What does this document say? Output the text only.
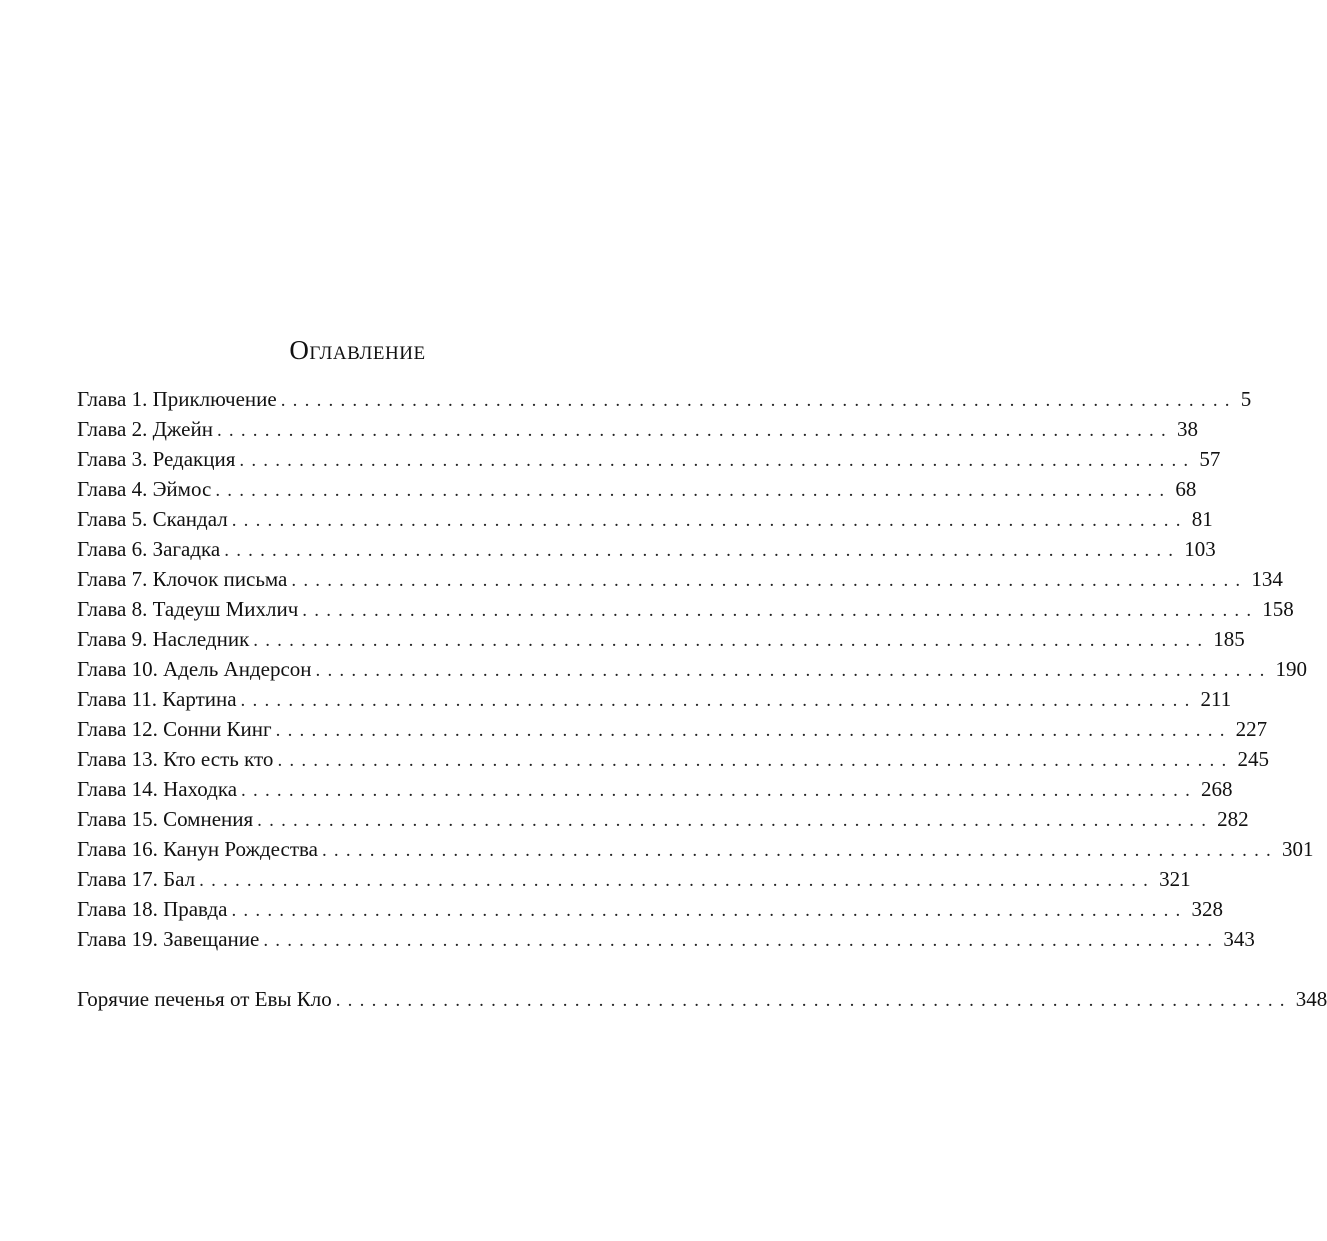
Оглавление
Глава 1. Приключение ................................................................................ 5
Глава 2. Джейн ................................................................................ 38
Глава 3. Редакция ................................................................................ 57
Глава 4. Эймос ................................................................................ 68
Глава 5. Скандал ................................................................................ 81
Глава 6. Загадка ................................................................................ 103
Глава 7. Клочок письма ................................................................................ 134
Глава 8. Тадеуш Михлич ................................................................................ 158
Глава 9. Наследник ................................................................................ 185
Глава 10. Адель Андерсон ................................................................................ 190
Глава 11. Картина ................................................................................ 211
Глава 12. Сонни Кинг ................................................................................ 227
Глава 13. Кто есть кто ................................................................................ 245
Глава 14. Находка ................................................................................ 268
Глава 15. Сомнения ................................................................................ 282
Глава 16. Канун Рождества ................................................................................ 301
Глава 17. Бал ................................................................................ 321
Глава 18. Правда ................................................................................ 328
Глава 19. Завещание ................................................................................ 343
Горячие печенья от Евы Кло ................................................................................ 348
